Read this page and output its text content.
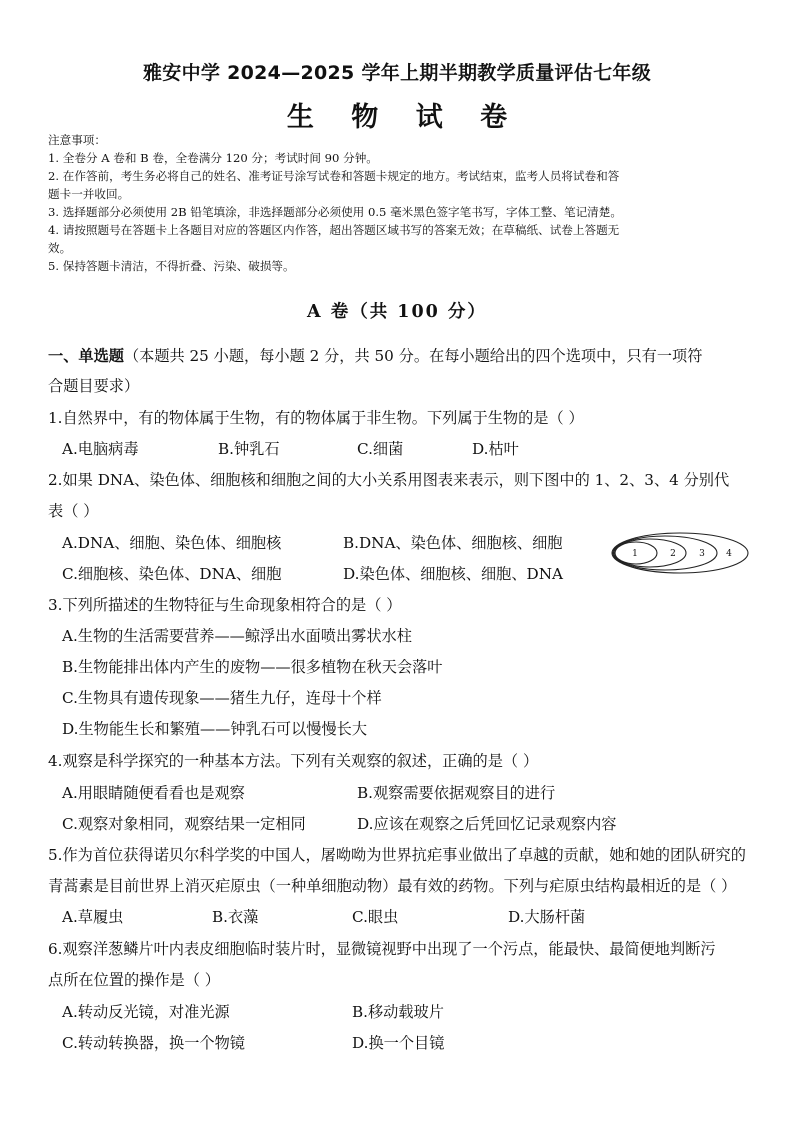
雅安中学 2024—2025 学年上期半期教学质量评估七年级
生 物 试 卷
注意事项：
1. 全卷分 A 卷和 B 卷，全卷满分 120 分；考试时间 90 分钟。
2. 在作答前，考生务必将自己的姓名、准考证号涂写试卷和答题卡规定的地方。考试结束，监考人员将试卷和答
题卡一并收回。
3. 选择题部分必须使用 2B 铅笔填涂，非选择题部分必须使用 0.5 毫米黑色签字笔书写，字体工整、笔记清楚。
4. 请按照题号在答题卡上各题目对应的答题区内作答，超出答题区域书写的答案无效；在草稿纸、试卷上答题无
效。
5. 保持答题卡清洁，不得折叠、污染、破损等。
A 卷（共 100 分）
一、单选题（本题共 25 小题，每小题 2 分，共 50 分。在每小题给出的四个选项中，只有一项符
合题目要求）
1.自然界中，有的物体属于生物，有的物体属于非生物。下列属于生物的是（ ）
A.电脑病毒	B.钟乳石	C.细菌	D.枯叶
2.如果 DNA、染色体、细胞核和细胞之间的大小关系用图表来表示，则下图中的 1、2、3、4 分别代
表（ ）
A.DNA、细胞、染色体、细胞核	B.DNA、染色体、细胞核、细胞
C.细胞核、染色体、DNA、细胞	D.染色体、细胞核、细胞、DNA
1	2	3 4
3.下列所描述的生物特征与生命现象相符合的是（ ）
A.生物的生活需要营养——鲸浮出水面喷出雾状水柱
B.生物能排出体内产生的废物——很多植物在秋天会落叶
C.生物具有遗传现象——猪生九仔，连母十个样
D.生物能生长和繁殖——钟乳石可以慢慢长大
4.观察是科学探究的一种基本方法。下列有关观察的叙述，正确的是（ ）
A.用眼睛随便看看也是观察	B.观察需要依据观察目的进行
C.观察对象相同，观察结果一定相同	D.应该在观察之后凭回忆记录观察内容
5.作为首位获得诺贝尔科学奖的中国人，屠呦呦为世界抗疟事业做出了卓越的贡献，她和她的团队研究的
青蒿素是目前世界上消灭疟原虫（一种单细胞动物）最有效的药物。下列与疟原虫结构最相近的是（ ）
A.草履虫	B.衣藻	C.眼虫	D.大肠杆菌
6.观察洋葱鳞片叶内表皮细胞临时装片时，显微镜视野中出现了一个污点，能最快、最简便地判断污
点所在位置的操作是（ ）
A.转动反光镜，对准光源	B.移动载玻片
C.转动转换器，换一个物镜	D.换一个目镜
